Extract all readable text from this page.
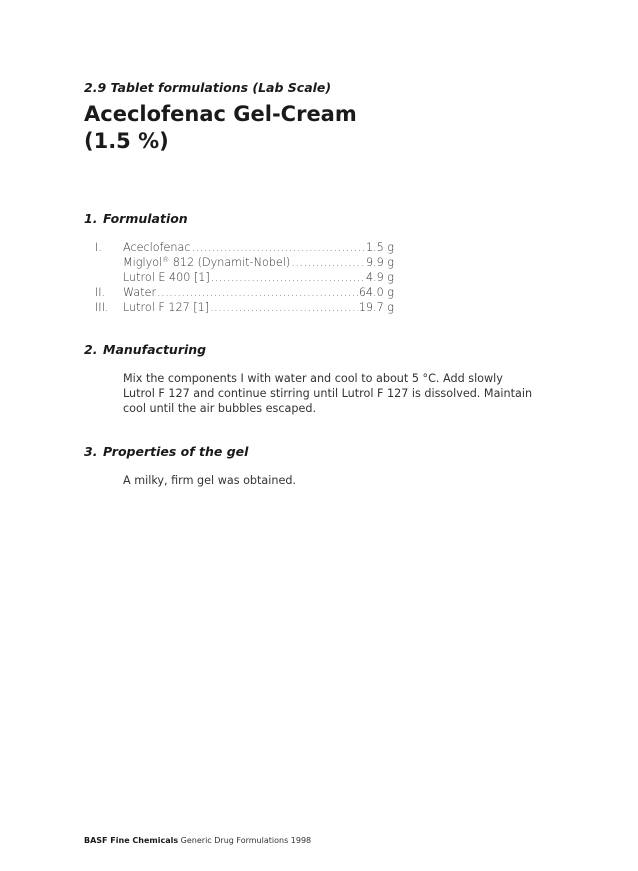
2.9 Tablet formulations (Lab Scale)
Aceclofenac Gel-Cream
(1.5 %)
1. Formulation
I.	Aceclofenac .....	1.5 g
Miglyol® 812 (Dynamit-Nobel) .....	9.9 g
Lutrol E 400 [1] .....	4.9 g
II.	Water .....	64.0 g
III.	Lutrol F 127 [1] .....	19.7 g
2. Manufacturing
Mix the components I with water and cool to about 5 °C. Add slowly
Lutrol F 127 and continue stirring until Lutrol F 127 is dissolved. Maintain
cool until the air bubbles escaped.
3. Properties of the gel
A milky, firm gel was obtained.
BASF Fine Chemicals Generic Drug Formulations 1998
